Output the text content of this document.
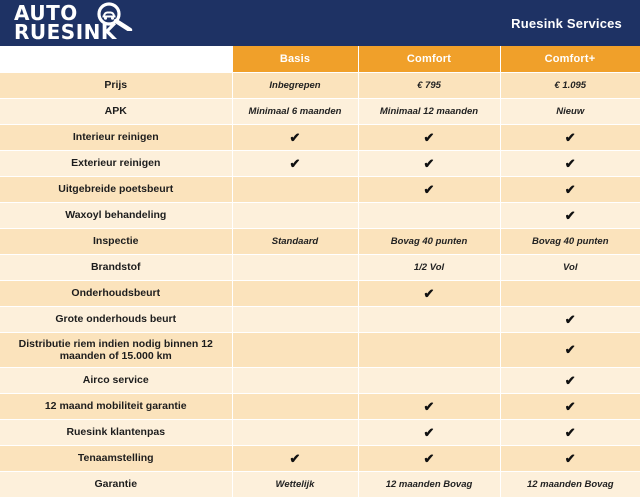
AUTO
RUESINK	Ruesink Services
	Basis	Comfort	Comfort+

Prijs	Inbegrepen	€ 795	€ 1.095

APK	Minimaal 6 maanden	Minimaal 12 maanden	Nieuw

Interieur reinigen	✔	✔	✔

Exterieur reinigen	✔	✔	✔

Uitgebreide poetsbeurt		✔	✔

Waxoyl behandeling			✔

Inspectie	Standaard	Bovag 40 punten	Bovag 40 punten

Brandstof		1/2 Vol	Vol

Onderhoudsbeurt		✔	

Grote onderhouds beurt			✔

Distributie riem indien nodig binnen 12 maanden of 15.000 km			✔

Airco service			✔

12 maand mobiliteit garantie		✔	✔

Ruesink klantenpas		✔	✔

Tenaamstelling	✔	✔	✔

Garantie	Wettelijk	12 maanden Bovag	12 maanden Bovag
